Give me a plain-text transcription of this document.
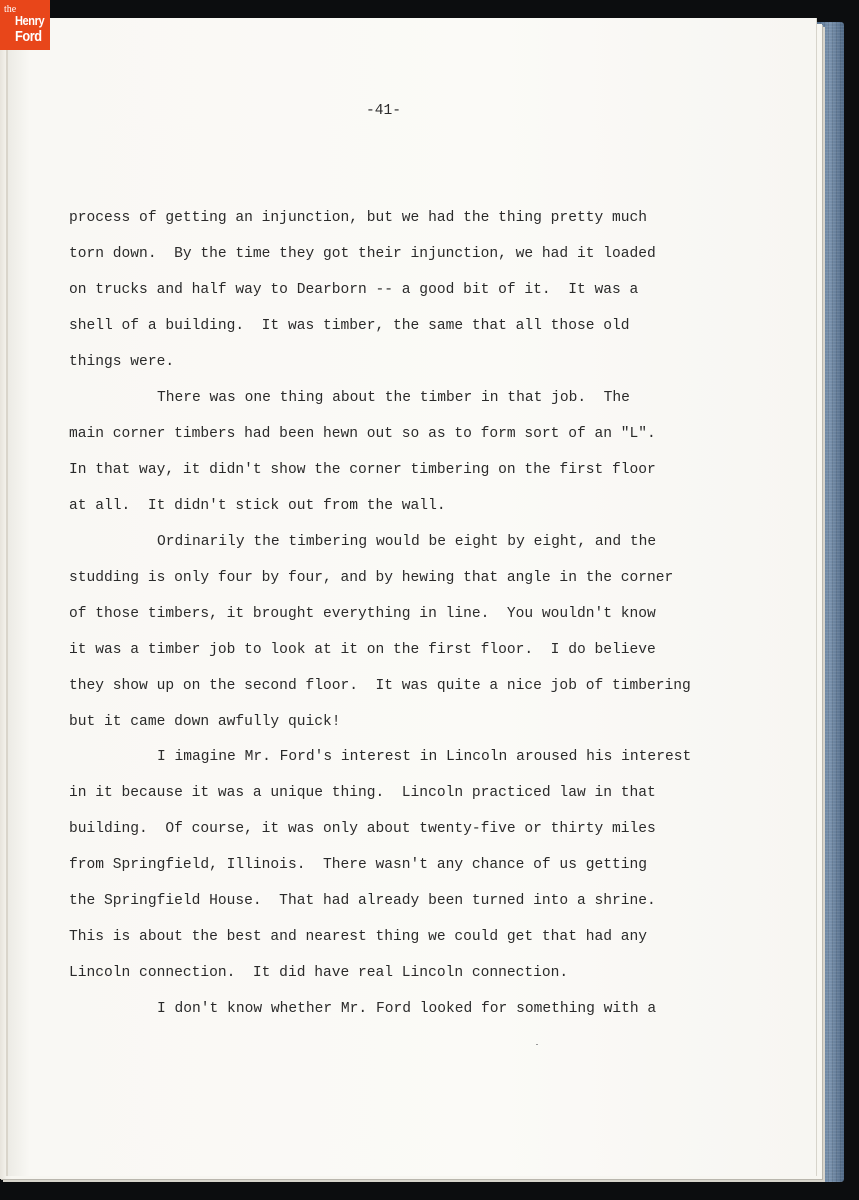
the
Henry
Ford
-41-
process of getting an injunction, but we had the thing pretty much
torn down.  By the time they got their injunction, we had it loaded
on trucks and half way to Dearborn -- a good bit of it.  It was a
shell of a building.  It was timber, the same that all those old
things were.
There was one thing about the timber in that job.  The
main corner timbers had been hewn out so as to form sort of an "L".
In that way, it didn't show the corner timbering on the first floor
at all.  It didn't stick out from the wall.
Ordinarily the timbering would be eight by eight, and the
studding is only four by four, and by hewing that angle in the corner
of those timbers, it brought everything in line.  You wouldn't know
it was a timber job to look at it on the first floor.  I do believe
they show up on the second floor.  It was quite a nice job of timbering
but it came down awfully quick!
I imagine Mr. Ford's interest in Lincoln aroused his interest
in it because it was a unique thing.  Lincoln practiced law in that
building.  Of course, it was only about twenty-five or thirty miles
from Springfield, Illinois.  There wasn't any chance of us getting
the Springfield House.  That had already been turned into a shrine.
This is about the best and nearest thing we could get that had any
Lincoln connection.  It did have real Lincoln connection.
I don't know whether Mr. Ford looked for something with a
